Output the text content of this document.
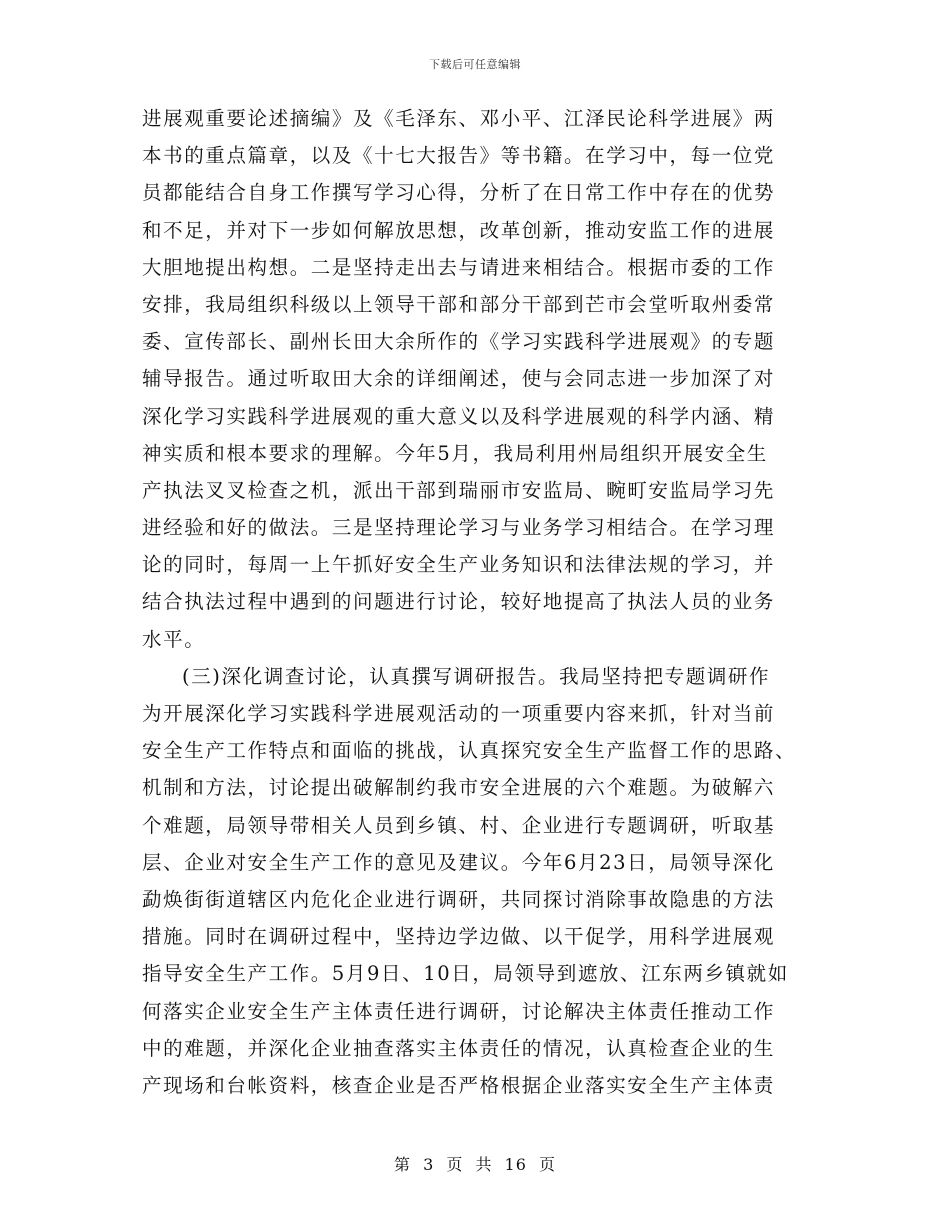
下载后可任意编辑
进展观重要论述摘编》及《毛泽东、邓小平、江泽民论科学进展》两
本书的重点篇章，以及《十七大报告》等书籍。在学习中，每一位党
员都能结合自身工作撰写学习心得，分析了在日常工作中存在的优势
和不足，并对下一步如何解放思想，改革创新，推动安监工作的进展
大胆地提出构想。二是坚持走出去与请进来相结合。根据市委的工作
安排，我局组织科级以上领导干部和部分干部到芒市会堂听取州委常
委、宣传部长、副州长田大余所作的《学习实践科学进展观》的专题
辅导报告。通过听取田大余的详细阐述，使与会同志进一步加深了对
深化学习实践科学进展观的重大意义以及科学进展观的科学内涵、精
神实质和根本要求的理解。今年5月，我局利用州局组织开展安全生
产执法叉叉检查之机，派出干部到瑞丽市安监局、畹町安监局学习先
进经验和好的做法。三是坚持理论学习与业务学习相结合。在学习理
论的同时，每周一上午抓好安全生产业务知识和法律法规的学习，并
结合执法过程中遇到的问题进行讨论，较好地提高了执法人员的业务
水平。
(三)深化调查讨论，认真撰写调研报告。我局坚持把专题调研作
为开展深化学习实践科学进展观活动的一项重要内容来抓，针对当前
安全生产工作特点和面临的挑战，认真探究安全生产监督工作的思路、
机制和方法，讨论提出破解制约我市安全进展的六个难题。为破解六
个难题，局领导带相关人员到乡镇、村、企业进行专题调研，听取基
层、企业对安全生产工作的意见及建议。今年6月23日，局领导深化
勐焕街街道辖区内危化企业进行调研，共同探讨消除事故隐患的方法
措施。同时在调研过程中，坚持边学边做、以干促学，用科学进展观
指导安全生产工作。5月9日、10日，局领导到遮放、江东两乡镇就如
何落实企业安全生产主体责任进行调研，讨论解决主体责任推动工作
中的难题，并深化企业抽查落实主体责任的情况，认真检查企业的生
产现场和台帐资料，核查企业是否严格根据企业落实安全生产主体责
第 3 页 共 16 页
